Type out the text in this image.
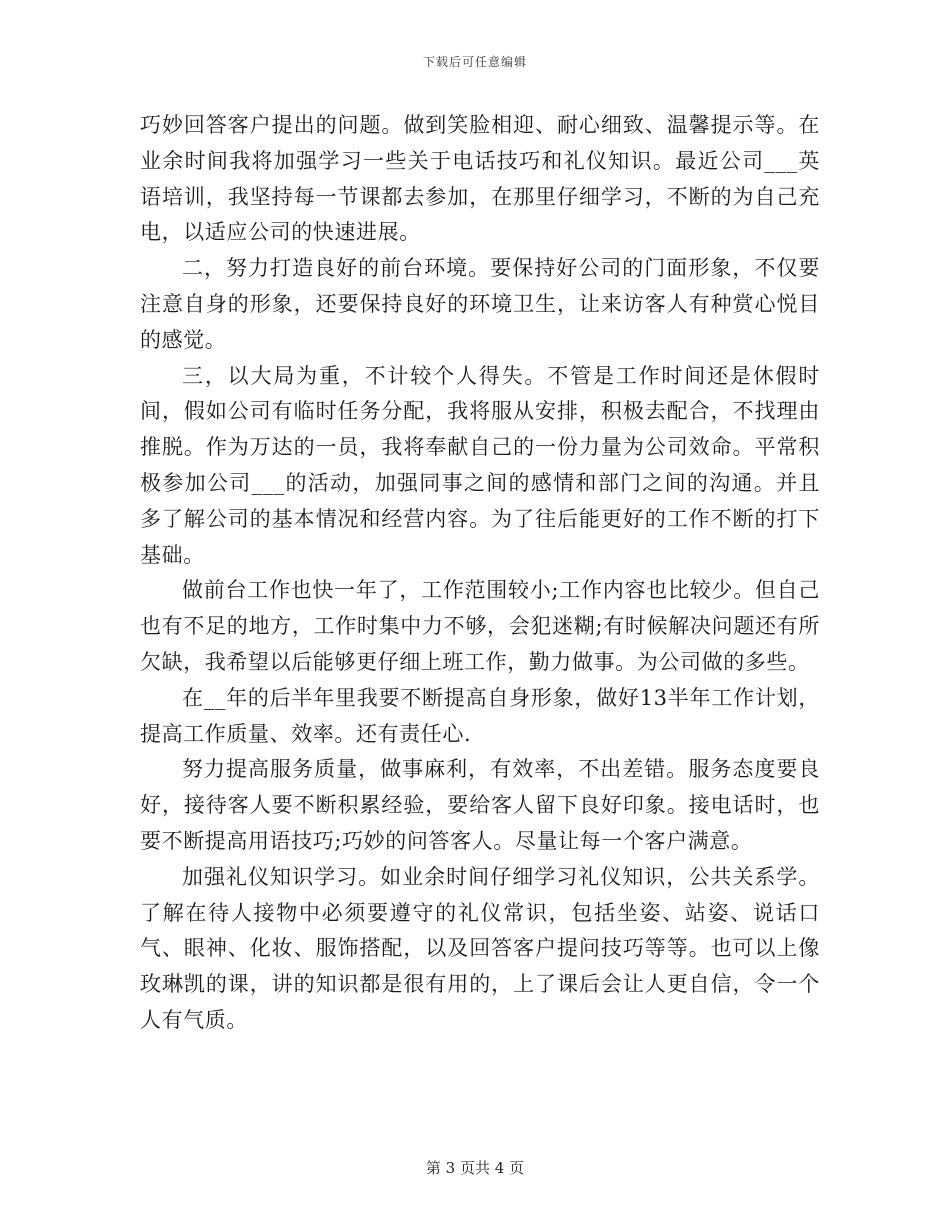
下载后可任意编辑

巧妙回答客户提出的问题。做到笑脸相迎、耐心细致、温馨提示等。在业余时间我将加强学习一些关于电话技巧和礼仪知识。最近公司___英语培训，我坚持每一节课都去参加，在那里仔细学习，不断的为自己充电，以适应公司的快速进展。

二，努力打造良好的前台环境。要保持好公司的门面形象，不仅要注意自身的形象，还要保持良好的环境卫生，让来访客人有种赏心悦目的感觉。

三，以大局为重，不计较个人得失。不管是工作时间还是休假时间，假如公司有临时任务分配，我将服从安排，积极去配合，不找理由推脱。作为万达的一员，我将奉献自己的一份力量为公司效命。平常积极参加公司___的活动，加强同事之间的感情和部门之间的沟通。并且多了解公司的基本情况和经营内容。为了往后能更好的工作不断的打下基础。

做前台工作也快一年了，工作范围较小;工作内容也比较少。但自己也有不足的地方，工作时集中力不够，会犯迷糊;有时候解决问题还有所欠缺，我希望以后能够更仔细上班工作，勤力做事。为公司做的多些。

在__年的后半年里我要不断提高自身形象，做好13半年工作计划，提高工作质量、效率。还有责任心.

努力提高服务质量，做事麻利，有效率，不出差错。服务态度要良好，接待客人要不断积累经验，要给客人留下良好印象。接电话时，也要不断提高用语技巧;巧妙的问答客人。尽量让每一个客户满意。

加强礼仪知识学习。如业余时间仔细学习礼仪知识，公共关系学。了解在待人接物中必须要遵守的礼仪常识，包括坐姿、站姿、说话口气、眼神、化妆、服饰搭配，以及回答客户提问技巧等等。也可以上像玫琳凯的课，讲的知识都是很有用的，上了课后会让人更自信，令一个人有气质。

第 3 页共 4 页
